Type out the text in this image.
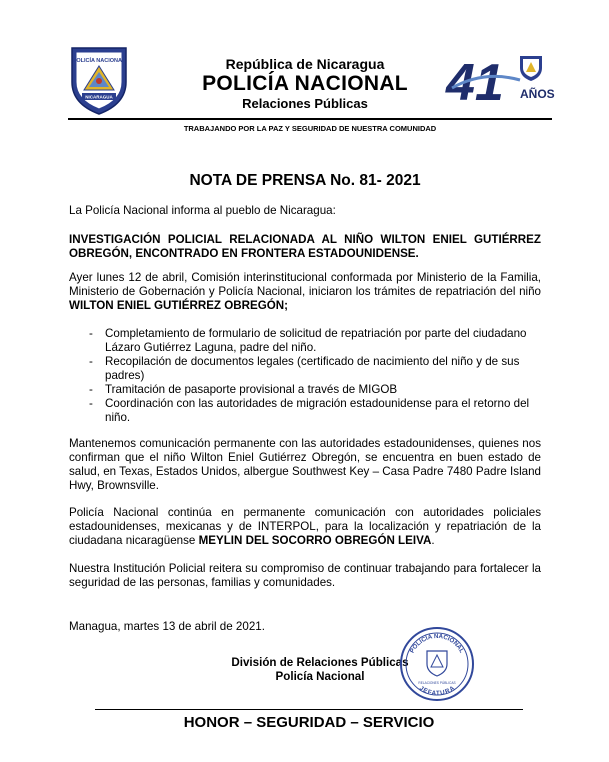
POLICÍA NACIONAL
NICARAGUA
República de Nicaragua
POLICÍA NACIONAL
Relaciones Públicas	41 AÑOS
TRABAJANDO POR LA PAZ Y SEGURIDAD DE NUESTRA COMUNIDAD
NOTA DE PRENSA No. 81- 2021
La Policía Nacional informa al pueblo de Nicaragua:
INVESTIGACIÓN POLICIAL RELACIONADA AL NIÑO WILTON ENIEL GUTIÉRREZ OBREGÓN, ENCONTRADO EN FRONTERA ESTADOUNIDENSE.
Ayer lunes 12 de abril, Comisión interinstitucional conformada por Ministerio de la Familia, Ministerio de Gobernación y Policía Nacional, iniciaron los trámites de repatriación del niño WILTON ENIEL GUTIÉRREZ OBREGÓN;
- Completamiento de formulario de solicitud de repatriación por parte del ciudadano Lázaro Gutiérrez Laguna, padre del niño.
- Recopilación de documentos legales (certificado de nacimiento del niño y de sus padres)
- Tramitación de pasaporte provisional a través de MIGOB
- Coordinación con las autoridades de migración estadounidense para el retorno del niño.
Mantenemos comunicación permanente con las autoridades estadounidenses, quienes nos confirman que el niño Wilton Eniel Gutiérrez Obregón, se encuentra en buen estado de salud, en Texas, Estados Unidos, albergue Southwest Key – Casa Padre 7480 Padre Island Hwy, Brownsville.
Policía Nacional continúa en permanente comunicación con autoridades policiales estadounidenses, mexicanas y de INTERPOL, para la localización y repatriación de la ciudadana nicaragüense MEYLIN DEL SOCORRO OBREGÓN LEIVA.
Nuestra Institución Policial reitera su compromiso de continuar trabajando para fortalecer la seguridad de las personas, familias y comunidades.
Managua, martes 13 de abril de 2021.
División de Relaciones Públicas
Policía Nacional
POLICÍA NACIONAL
RELACIONES PÚBLICAS
JEFATURA
HONOR – SEGURIDAD – SERVICIO
